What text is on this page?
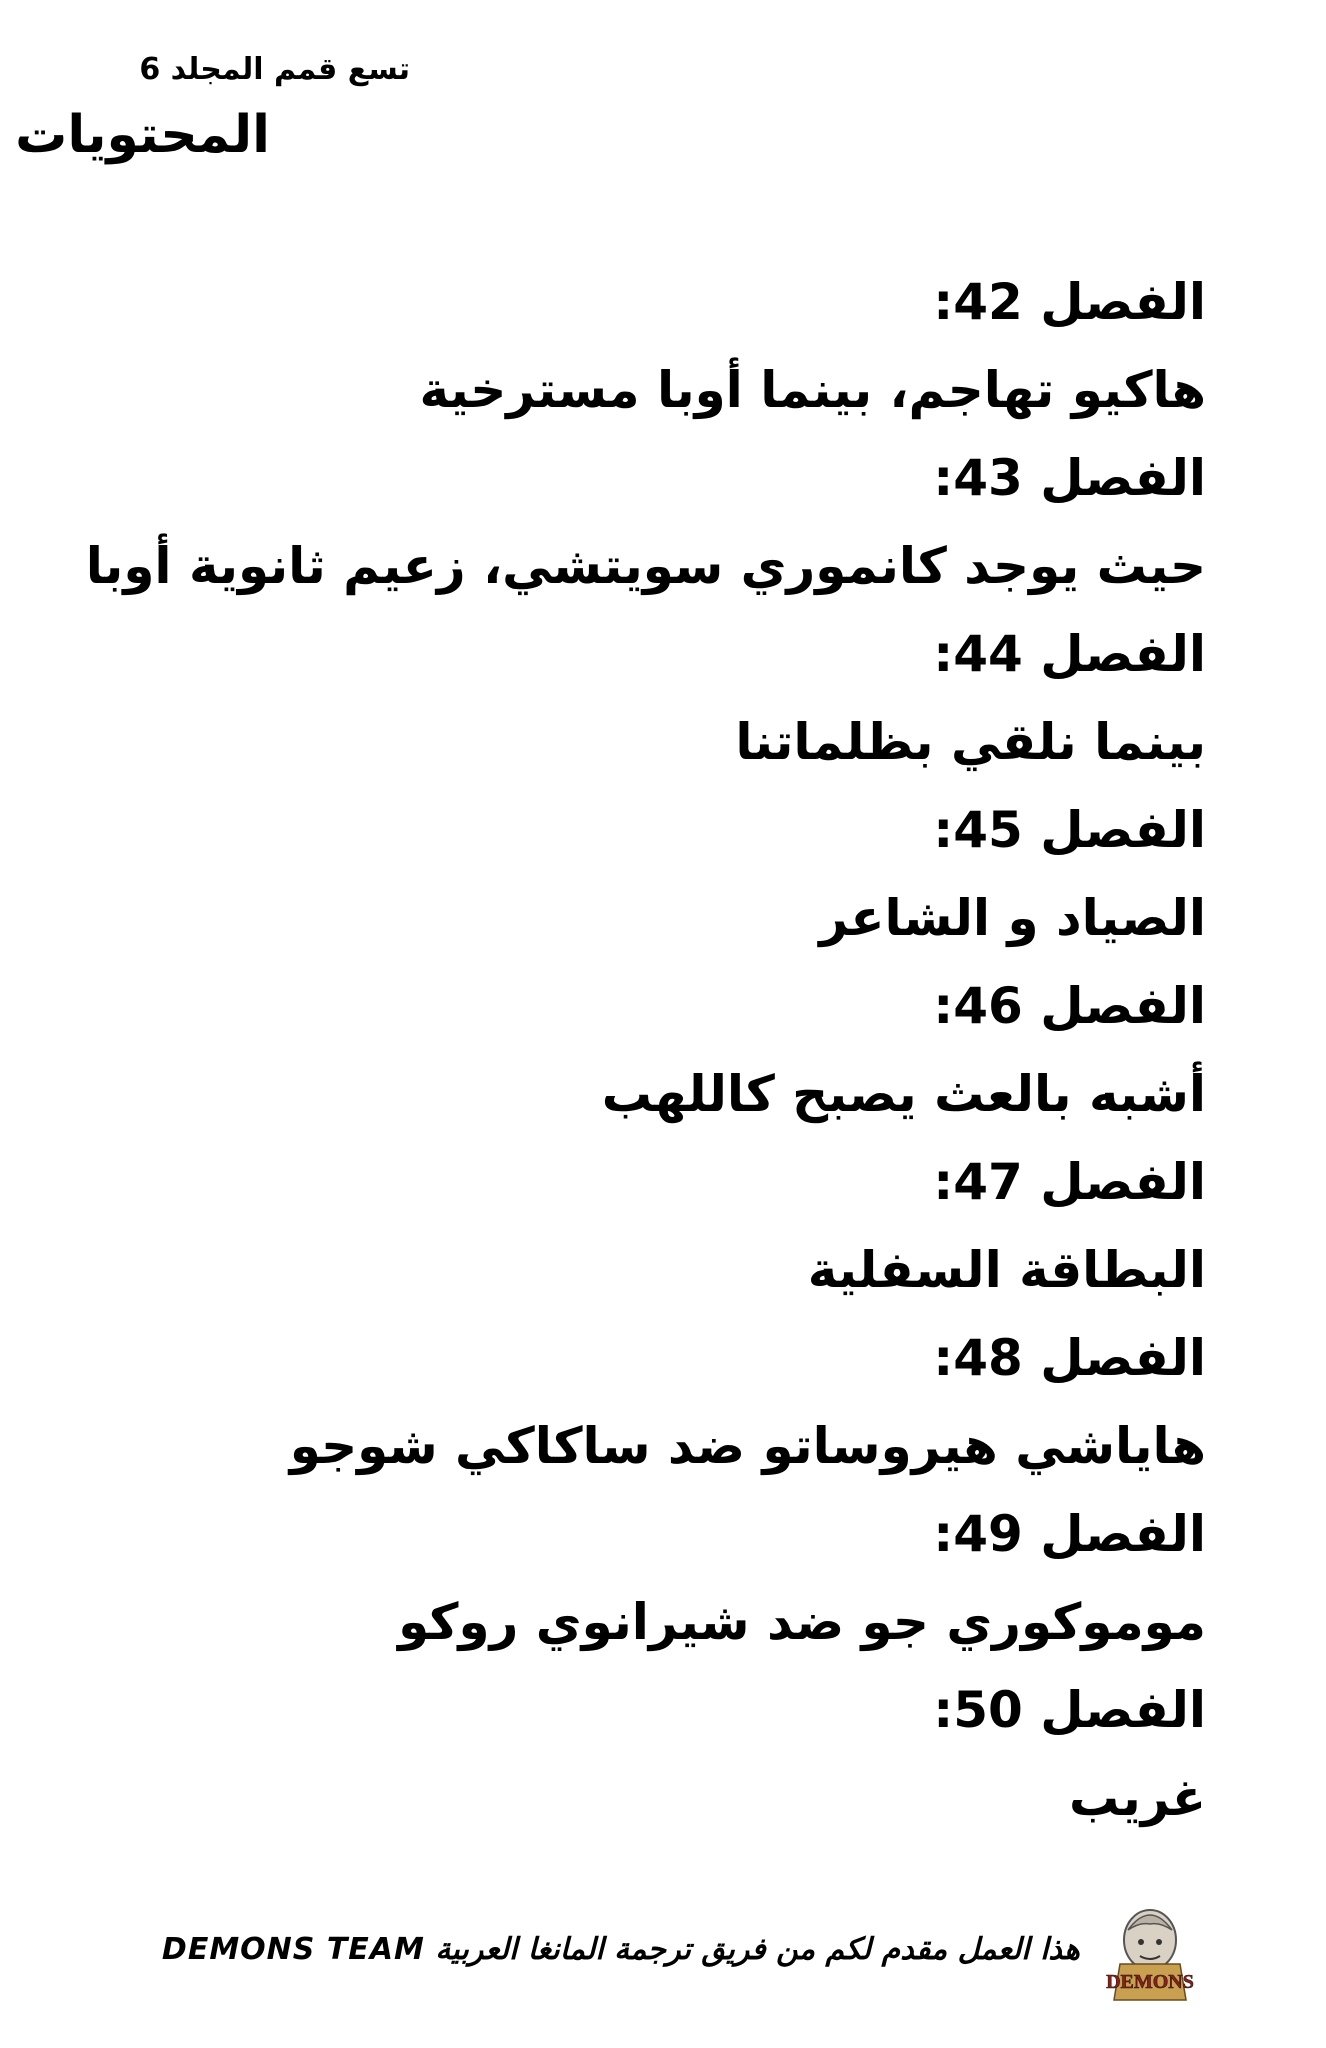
تسع قمم المجلد 6
المحتويات
الفصل 42:
هاكيو تهاجم، بينما أوبا مسترخية
الفصل 43:
حيث يوجد كانموري سويتشي، زعيم ثانوية أوبا
الفصل 44:
بينما نلقي بظلماتنا
الفصل 45:
الصياد و الشاعر
الفصل 46:
أشبه بالعث يصبح كاللهب
الفصل 47:
البطاقة السفلية
الفصل 48:
هاياشي هيروساتو ضد ساكاكي شوجو
الفصل 49:
موموكوري جو ضد شيرانوي روكو
الفصل 50:
غريب
هذا العمل مقدم لكم من فريق ترجمة المانغا العربية DEMONS TEAM
DEMONS
